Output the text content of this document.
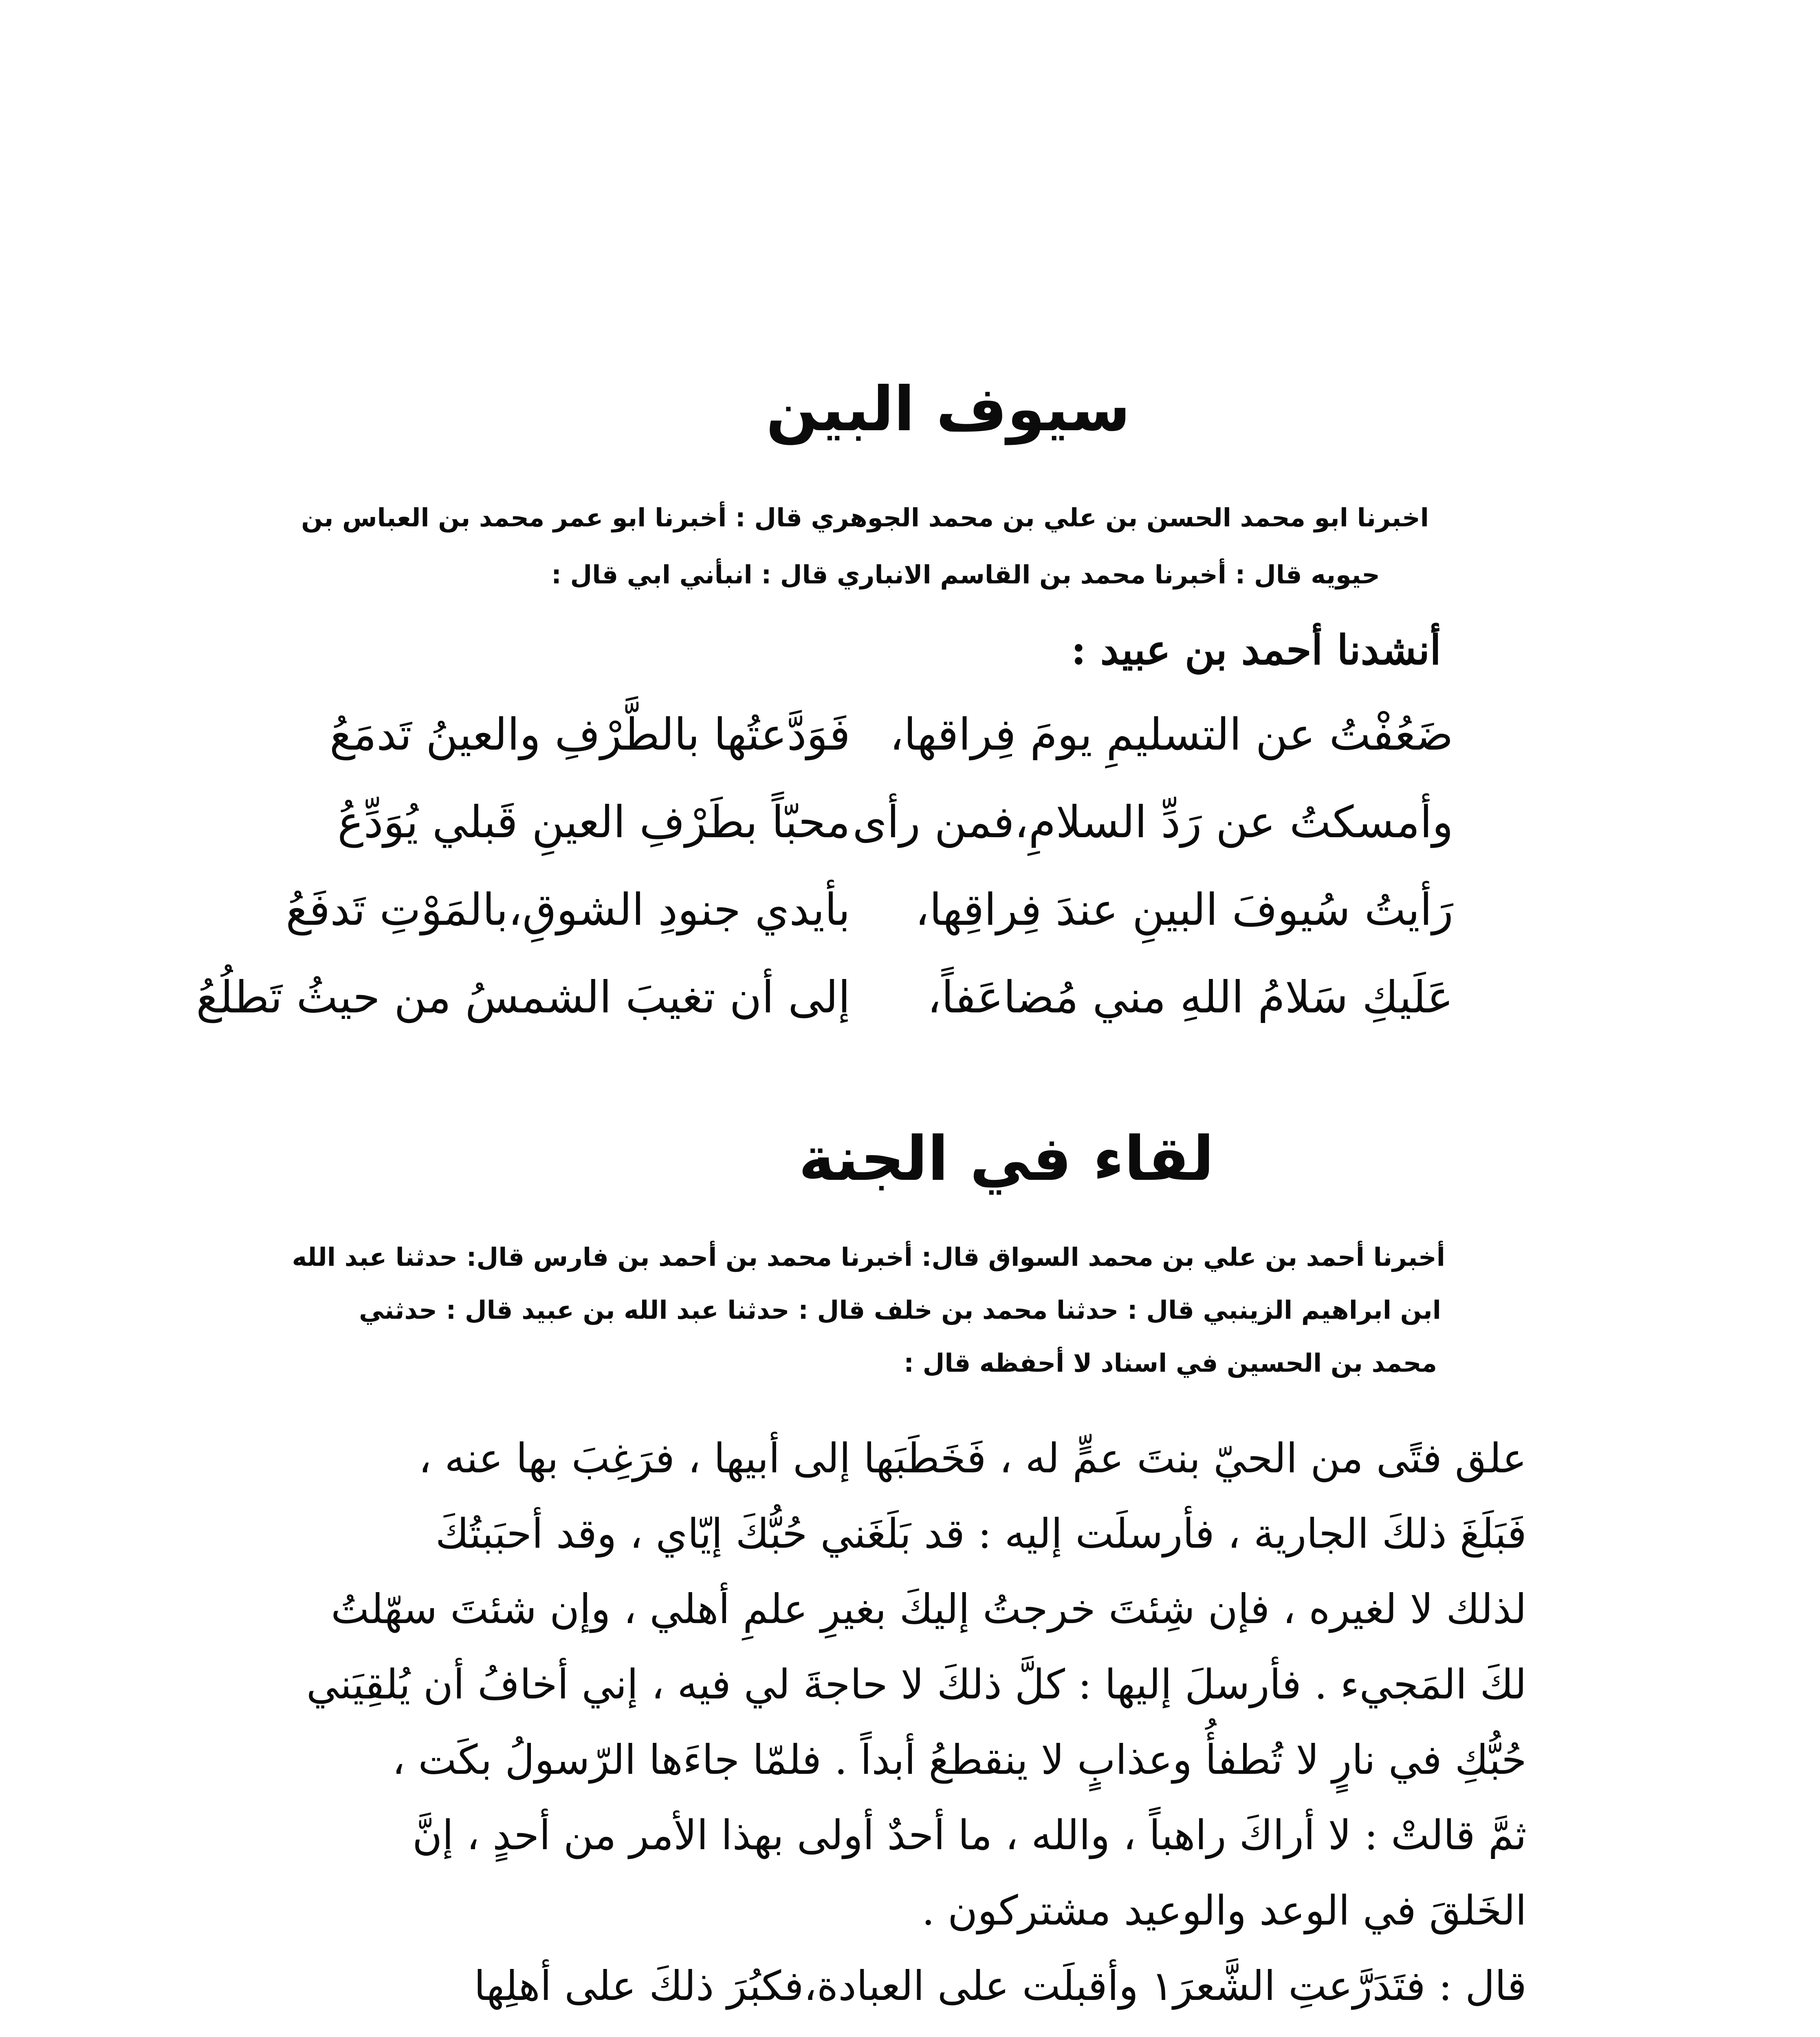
سيوف البين
اخبرنا ابو محمد الحسن بن علي بن محمد الجوهري قال : أخبرنا ابو عمر محمد بن العباس بن
حيويه قال : أخبرنا محمد بن القاسم الانباري قال : انبأني ابي قال :
أنشدنا أحمد بن عبيد :
ضَعُفْتُ عن التسليمِ يومَ فِراقها،
فَوَدَّعتُها بالطَّرْفِ والعينُ تَدمَعُ
وأمسكتُ عن رَدِّ السلامِ،فمن رأى
محبّاً بطَرْفِ العينِ قَبلي يُوَدِّعُ
رَأيتُ سُيوفَ البينِ عندَ فِراقِها،
بأيدي جنودِ الشوقِ،بالمَوْتِ تَدفَعُ
عَلَيكِ سَلامُ اللهِ مني مُضاعَفاً،
إلى أن تغيبَ الشمسُ من حيثُ تَطلُعُ
لقاء في الجنة
أخبرنا أحمد بن علي بن محمد السواق قال: أخبرنا محمد بن أحمد بن فارس قال: حدثنا عبد الله
ابن ابراهيم الزينبي قال : حدثنا محمد بن خلف قال : حدثنا عبد الله بن عبيد قال : حدثني
محمد بن الحسين في اسناد لا أحفظه قال :
علق فتًى من الحيّ بنتَ عمٍّ له ، فَخَطَبَها إلى أبيها ، فرَغِبَ بها عنه ،
فَبَلَغَ ذلكَ الجارية ، فأرسلَت إليه : قد بَلَغَني حُبُّكَ إيّاي ، وقد أحبَبتُكَ
لذلك لا لغيره ، فإن شِئتَ خرجتُ إليكَ بغيرِ علمِ أهلي ، وإن شئتَ سهّلتُ
لكَ المَجيء . فأرسلَ إليها : كلَّ ذلكَ لا حاجةَ لي فيه ، إني أخافُ أن يُلقِيَني
حُبُّكِ في نارٍ لا تُطفأُ وعذابٍ لا ينقطعُ أبداً . فلمّا جاءَها الرّسولُ بكَت ،
ثمَّ قالتْ : لا أراكَ راهباً ، والله ، ما أحدٌ أولى بهذا الأمر من أحدٍ ، إنَّ
الخَلقَ في الوعد والوعيد مشتركون .
قال : فتَدَرَّعتِ الشَّعرَ١ وأقبلَت على العبادة،فكبُرَ ذلكَ على أهلِها
